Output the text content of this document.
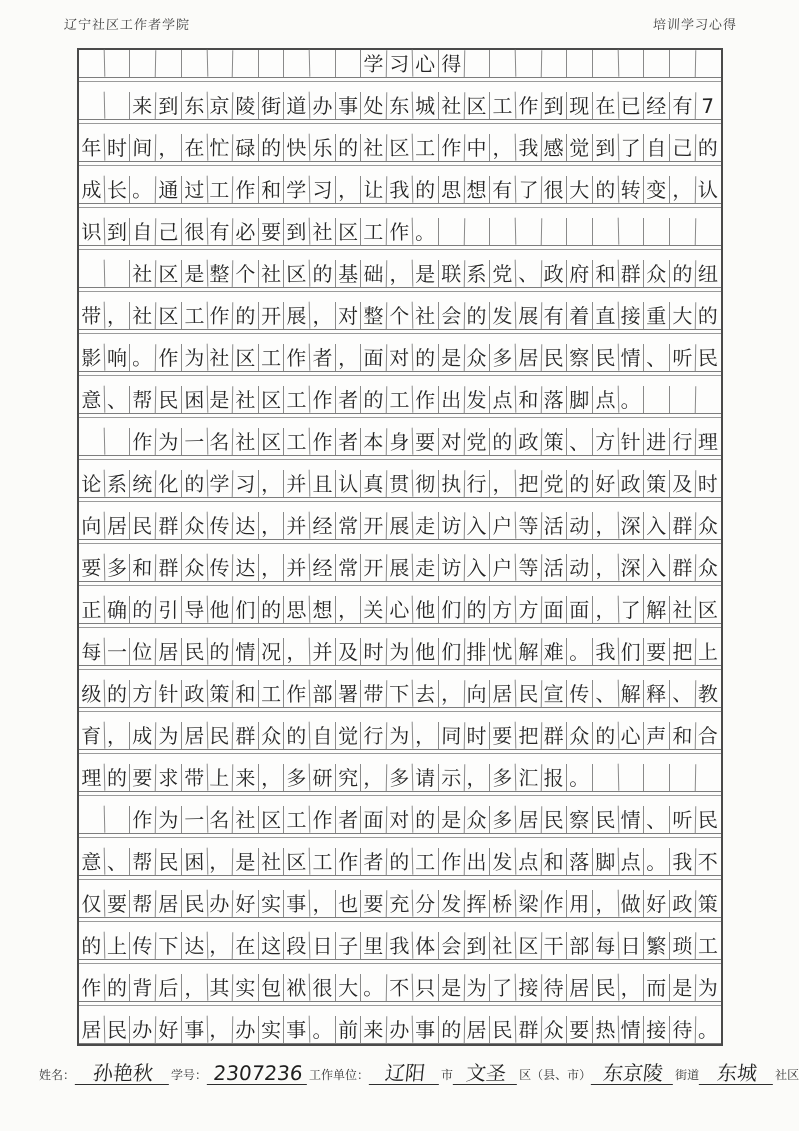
辽宁社区工作者学院	培训学习心得
学 习 心 得
来 到 东 京 陵 街 道 办 事 处 东 城 社 区 工 作 到 现 在 已 经 有 7
年 时 间 ， 在 忙 碌 的 快 乐 的 社 区 工 作 中 ， 我 感 觉 到 了 自 己 的
成 长 。 通 过 工 作 和 学 习 ， 让 我 的 思 想 有 了 很 大 的 转 变 ， 认
识 到 自 己 很 有 必 要 到 社 区 工 作 。
社 区 是 整 个 社 区 的 基 础 ， 是 联 系 党 、 政 府 和 群 众 的 纽
带 ， 社 区 工 作 的 开 展 ， 对 整 个 社 会 的 发 展 有 着 直 接 重 大 的
影 响 。 作 为 社 区 工 作 者 ， 面 对 的 是 众 多 居 民 察 民 情 、 听 民
意 、 帮 民 困 是 社 区 工 作 者 的 工 作 出 发 点 和 落 脚 点 。
作 为 一 名 社 区 工 作 者 本 身 要 对 党 的 政 策 、 方 针 进 行 理
论 系 统 化 的 学 习 ， 并 且 认 真 贯 彻 执 行 ， 把 党 的 好 政 策 及 时
向 居 民 群 众 传 达 ， 并 经 常 开 展 走 访 入 户 等 活 动 ， 深 入 群 众
要 多 和 群 众 传 达 ， 并 经 常 开 展 走 访 入 户 等 活 动 ， 深 入 群 众
正 确 的 引 导 他 们 的 思 想 ， 关 心 他 们 的 方 方 面 面 ， 了 解 社 区
每 一 位 居 民 的 情 况 ， 并 及 时 为 他 们 排 忧 解 难 。 我 们 要 把 上
级 的 方 针 政 策 和 工 作 部 署 带 下 去 ， 向 居 民 宣 传 、 解 释 、 教
育 ， 成 为 居 民 群 众 的 自 觉 行 为 ， 同 时 要 把 群 众 的 心 声 和 合
理 的 要 求 带 上 来 ， 多 研 究 ， 多 请 示 ， 多 汇 报 。
作 为 一 名 社 区 工 作 者 面 对 的 是 众 多 居 民 察 民 情 、 听 民
意 、 帮 民 困 ， 是 社 区 工 作 者 的 工 作 出 发 点 和 落 脚 点 。 我 不
仅 要 帮 居 民 办 好 实 事 ， 也 要 充 分 发 挥 桥 梁 作 用 ， 做 好 政 策
的 上 传 下 达 ， 在 这 段 日 子 里 我 体 会 到 社 区 干 部 每 日 繁 琐 工
作 的 背 后 ， 其 实 包 袱 很 大 。 不 只 是 为 了 接 待 居 民 ， 而 是 为
居 民 办 好 事 ， 办 实 事 。 前 来 办 事 的 居 民 群 众 要 热 情 接 待 。
姓名： 孙艳秋	学号： 2307236 工作单位： 辽阳	市 文圣 区（县、市） 东京陵 街道 东城	社区
